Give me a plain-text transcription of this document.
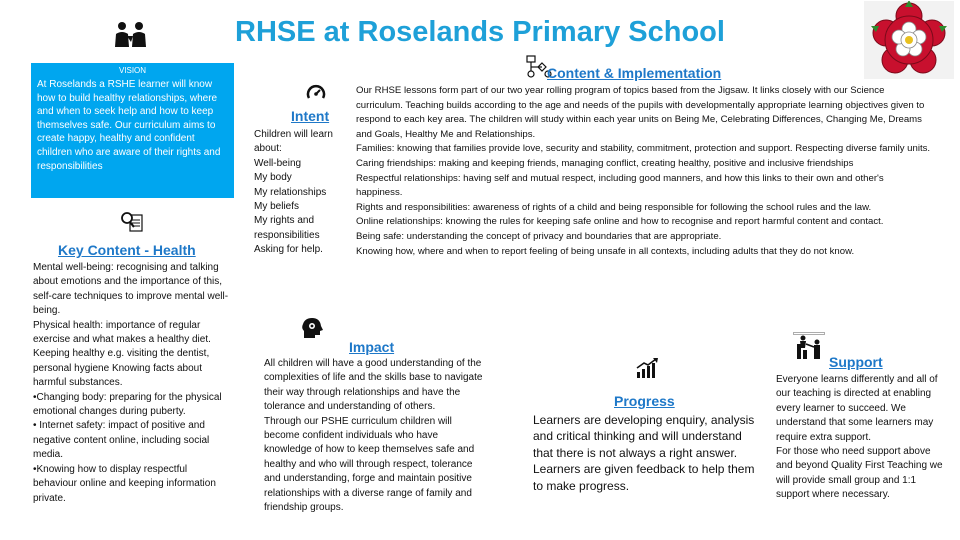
RHSE at Roselands Primary School
VISION
At Roselands a RSHE learner will know how to build healthy relationships, where and when to seek help and how to keep themselves safe. Our curriculum aims to create happy, healthy and confident children who are aware of their rights and responsibilities
Intent

Children will learn about:

Well-being

My body

My relationships

My beliefs

My rights and responsibilities

Asking for help.

Content & Implementation

Our RHSE lessons form part of our two year rolling program of topics based from the Jigsaw. It links closely with our Science curriculum. Teaching builds according to the age and needs of the pupils with developmentally appropriate learning objectives given to respond to each key area. The children will study within each year units on Being Me, Celebrating Differences, Changing Me, Dreams and Goals, Healthy Me and Relationships.

Families: knowing that families provide love, security and stability, commitment, protection and support. Respecting diverse family units.

Caring friendships: making and keeping friends, managing conflict, creating healthy, positive and inclusive friendships

Respectful relationships: having self and mutual respect, including good manners, and how this links to their own and other's happiness.

Rights and responsibilities: awareness of rights of a child and being responsible for following the school rules and the law.

Online relationships: knowing the rules for keeping safe online and how to recognise and report harmful content and contact.

Being safe: understanding the concept of privacy and boundaries that are appropriate.

Knowing how, where and when to report feeling of being unsafe in all contexts, including adults that they do not know.

Key Content - Health

Mental well-being: recognising and talking about emotions and the importance of this, self-care techniques to improve mental well-being.

Physical health: importance of regular exercise and what makes a healthy diet. Keeping healthy e.g. visiting the dentist, personal hygiene Knowing facts about harmful substances.

•Changing body: preparing for the physical emotional changes during puberty.

• Internet safety: impact of positive and negative content online, including social media.

•Knowing how to display respectful behaviour online and keeping information private.

Impact

All children will have a good understanding of the complexities of life and the skills base to navigate their way through relationships and have the tolerance and understanding of others.

Through our PSHE curriculum children will become confident individuals who have knowledge of how to keep themselves safe and healthy and who will through respect, tolerance and understanding, forge and maintain positive relationships with a diverse range of family and friendship groups.

Progress

Learners are developing enquiry, analysis and critical thinking and will understand that there is not always a right answer.

Learners are given feedback to help them to make progress.

Support

Everyone learns differently and all of our teaching is directed at enabling every learner to succeed. We understand that some learners may require extra support.

For those who need support above and beyond Quality First Teaching we will provide small group and 1:1 support where necessary.
